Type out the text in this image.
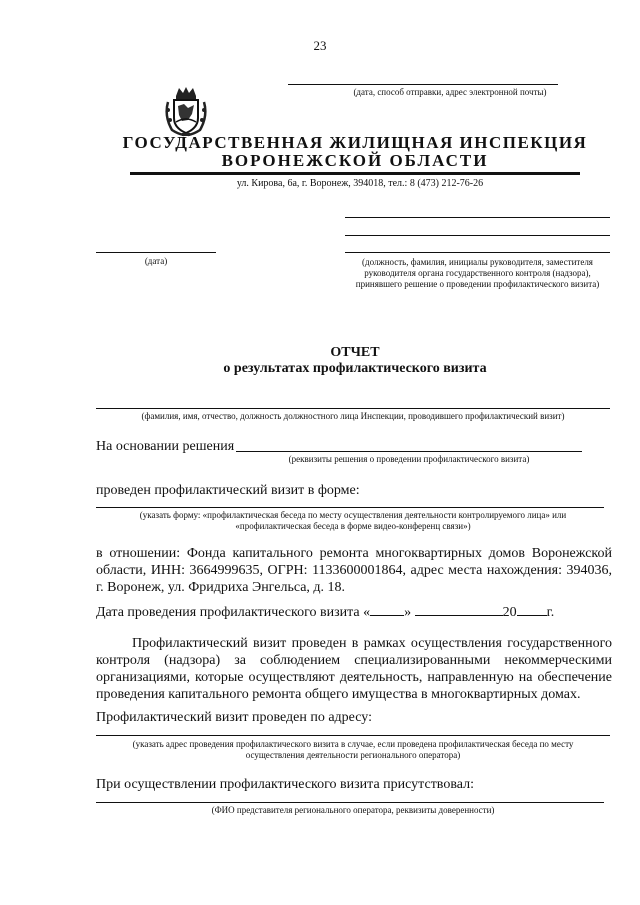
23
(дата, способ отправки, адрес электронной почты)
ГОСУДАРСТВЕННАЯ ЖИЛИЩНАЯ ИНСПЕКЦИЯ
ВОРОНЕЖСКОЙ ОБЛАСТИ
ул. Кирова, 6а, г. Воронеж, 394018, тел.: 8 (473) 212-76-26
(дата)	(должность, фамилия, инициалы руководителя, заместителя руководителя органа государственного контроля (надзора), принявшего решение о проведении профилактического визита)
ОТЧЕТ
о результатах профилактического визита
(фамилия, имя, отчество, должность должностного лица Инспекции, проводившего профилактический визит)
На основании решения
(реквизиты решения о проведении профилактического визита)
проведен профилактический визит в форме:
(указать форму: «профилактическая беседа по месту осуществления деятельности контролируемого лица» или
«профилактическая беседа в форме видео-конференц связи»)
в отношении: Фонда капитального ремонта многоквартирных домов Воронежской области, ИНН: 3664999635, ОГРН: 1133600001864, адрес места нахождения: 394036, г. Воронеж, ул. Фридриха Энгельса, д. 18.
Дата проведения профилактического визита « »	20 г.
Профилактический визит проведен в рамках осуществления государственного контроля (надзора) за соблюдением специализированными некоммерческими организациями, которые осуществляют деятельность, направленную на обеспечение проведения капитального ремонта общего имущества в многоквартирных домах.
Профилактический визит проведен по адресу:
(указать адрес проведения профилактического визита в случае, если проведена профилактическая беседа по месту
осуществления деятельности регионального оператора)
При осуществлении профилактического визита присутствовал:
(ФИО представителя регионального оператора, реквизиты доверенности)
